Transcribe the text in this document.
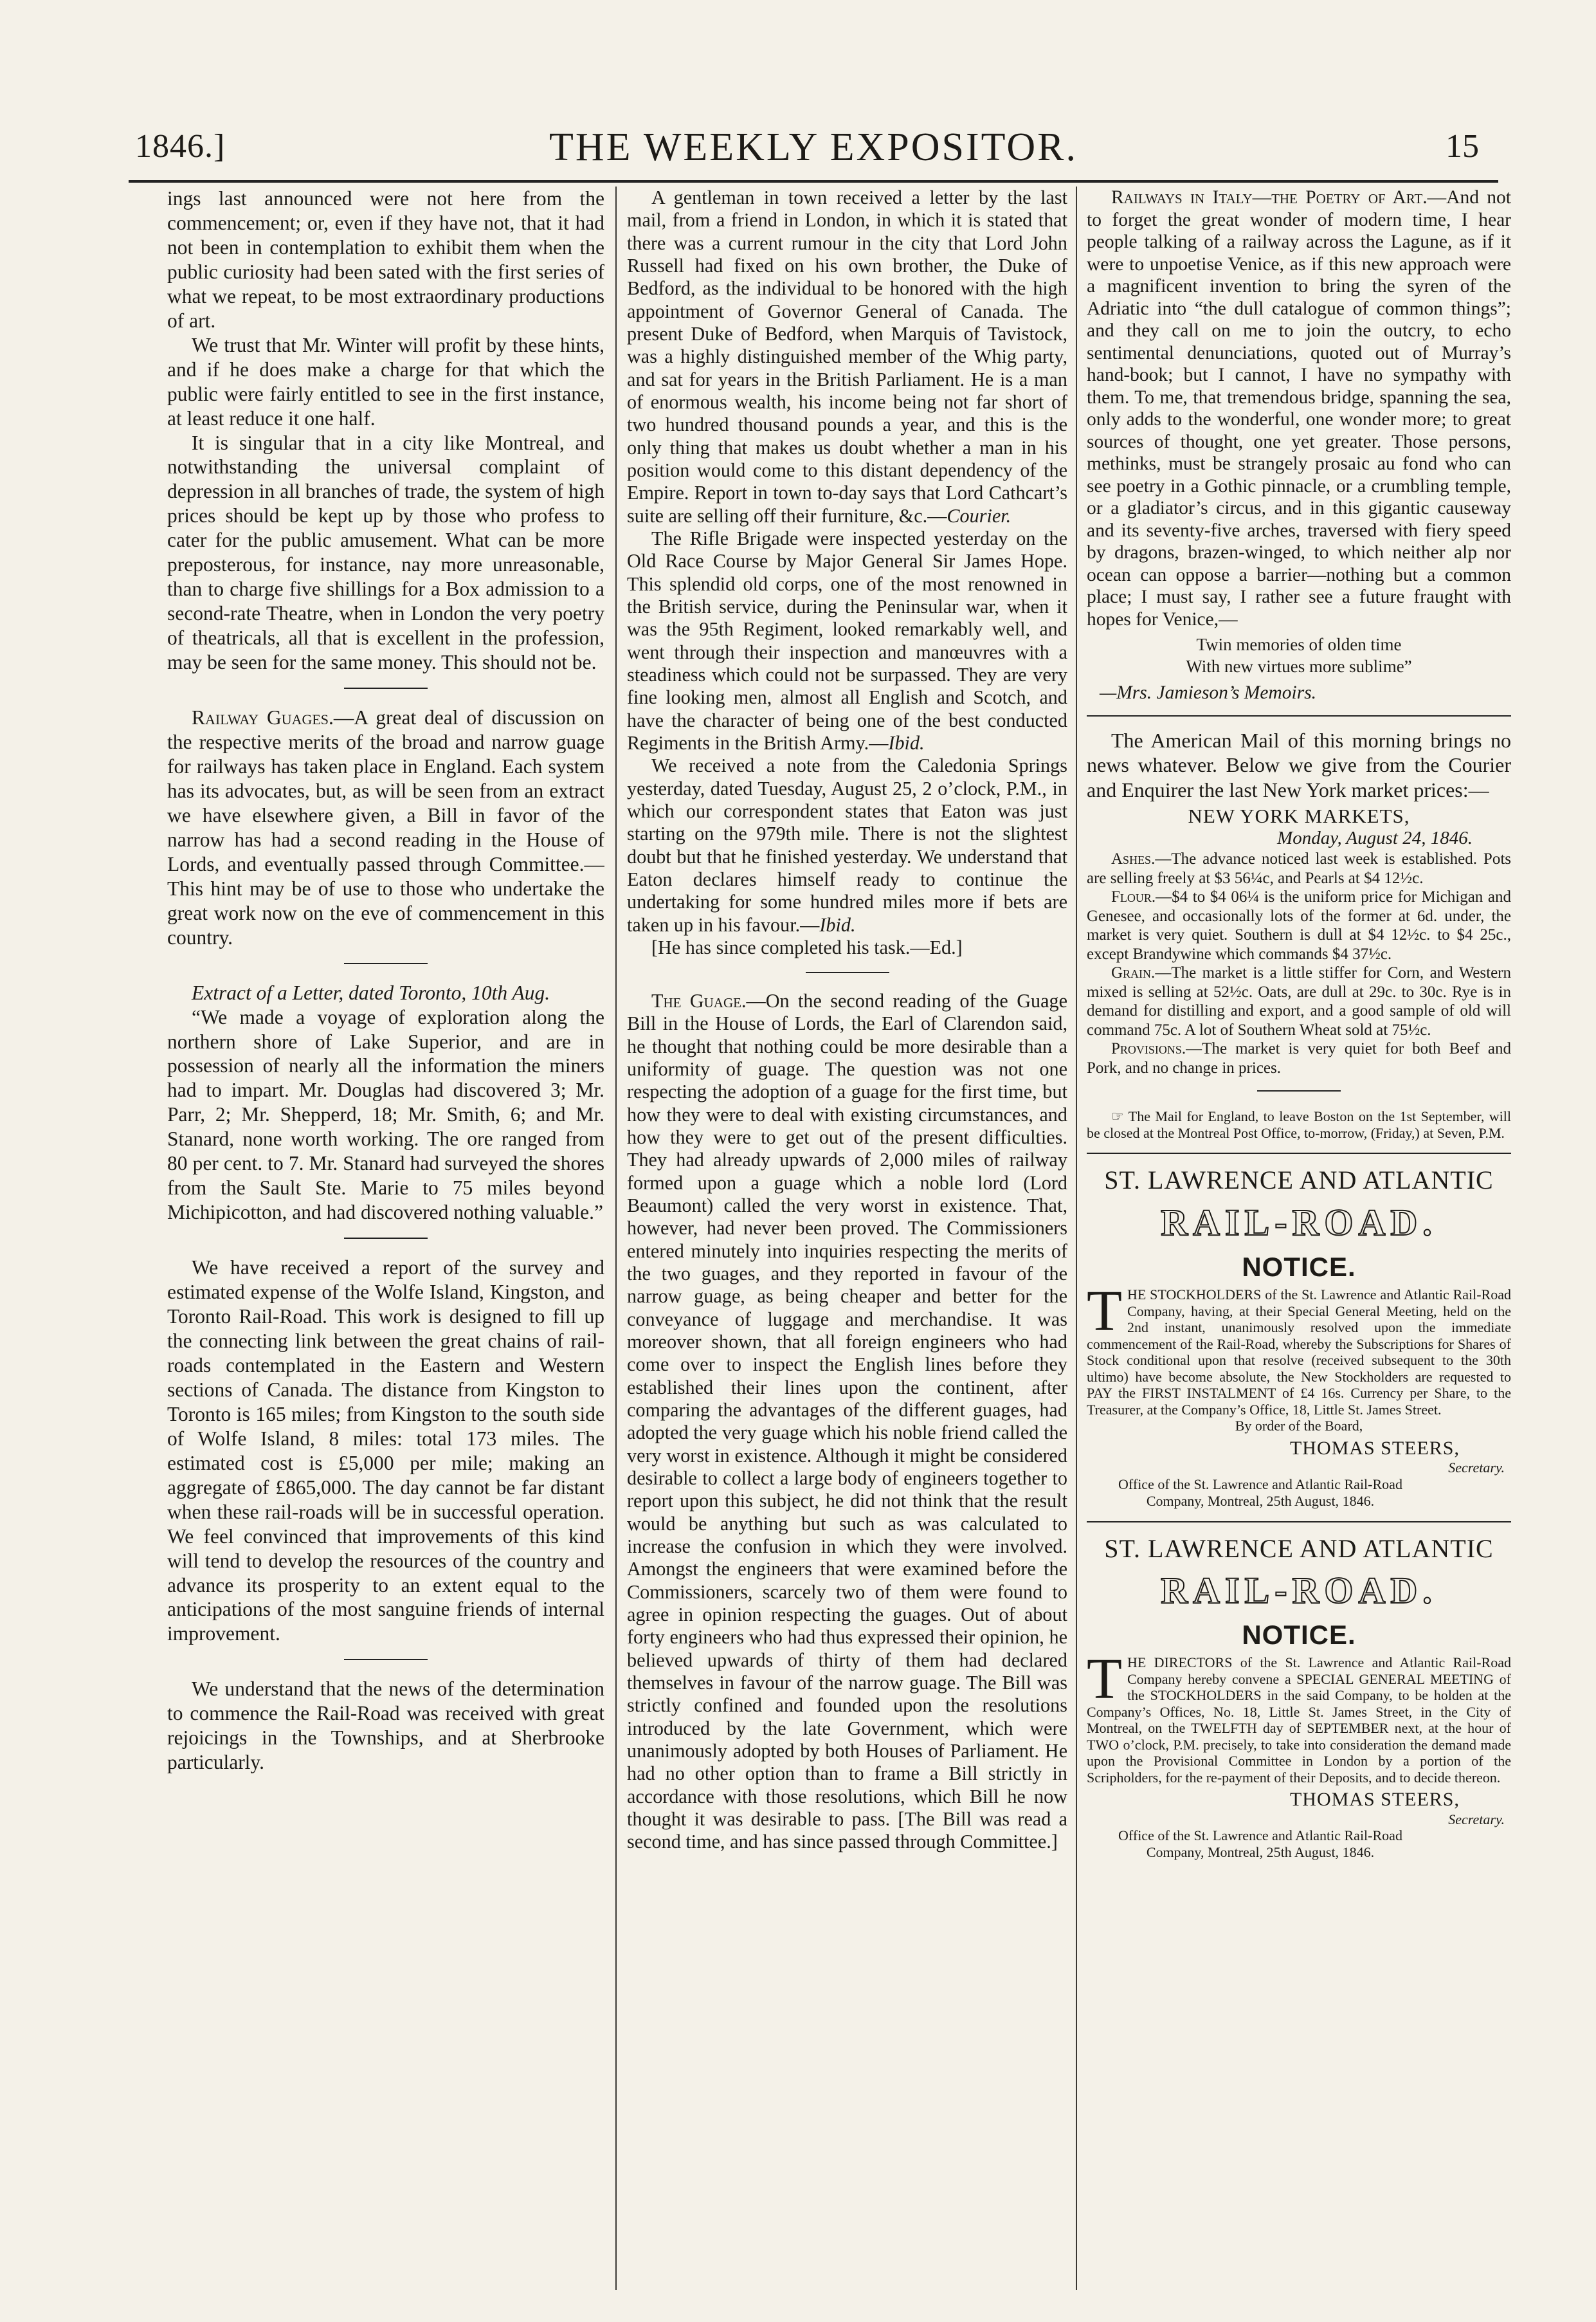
1846.]	THE WEEKLY EXPOSITOR.	15

ings last announced were not here from the commencement; or, even if they have not, that it had not been in contemplation to exhibit them when the public curiosity had been sated with the first series of what we repeat, to be most extraordinary productions of art.

We trust that Mr. Winter will profit by these hints, and if he does make a charge for that which the public were fairly entitled to see in the first instance, at least reduce it one half.

It is singular that in a city like Montreal, and notwithstanding the universal complaint of depression in all branches of trade, the system of high prices should be kept up by those who profess to cater for the public amusement. What can be more preposterous, for instance, nay more unreasonable, than to charge five shillings for a Box admission to a second-rate Theatre, when in London the very poetry of theatricals, all that is excellent in the profession, may be seen for the same money. This should not be.

Railway Guages.—A great deal of discussion on the respective merits of the broad and narrow guage for railways has taken place in England. Each system has its advocates, but, as will be seen from an extract we have elsewhere given, a Bill in favor of the narrow has had a second reading in the House of Lords, and eventually passed through Committee.—This hint may be of use to those who undertake the great work now on the eve of commencement in this country.

Extract of a Letter, dated Toronto, 10th Aug.

“We made a voyage of exploration along the northern shore of Lake Superior, and are in possession of nearly all the information the miners had to impart. Mr. Douglas had discovered 3; Mr. Parr, 2; Mr. Shepperd, 18; Mr. Smith, 6; and Mr. Stanard, none worth working. The ore ranged from 80 per cent. to 7. Mr. Stanard had surveyed the shores from the Sault Ste. Marie to 75 miles beyond Michipicotton, and had discovered nothing valuable.”

We have received a report of the survey and estimated expense of the Wolfe Island, Kingston, and Toronto Rail-Road. This work is designed to fill up the connecting link between the great chains of rail-roads contemplated in the Eastern and Western sections of Canada. The distance from Kingston to Toronto is 165 miles; from Kingston to the south side of Wolfe Island, 8 miles: total 173 miles. The estimated cost is £5,000 per mile; making an aggregate of £865,000. The day cannot be far distant when these rail-roads will be in successful operation. We feel convinced that improvements of this kind will tend to develop the resources of the country and advance its prosperity to an extent equal to the anticipations of the most sanguine friends of internal improvement.

We understand that the news of the determination to commence the Rail-Road was received with great rejoicings in the Townships, and at Sherbrooke particularly.

A gentleman in town received a letter by the last mail, from a friend in London, in which it is stated that there was a current rumour in the city that Lord John Russell had fixed on his own brother, the Duke of Bedford, as the individual to be honored with the high appointment of Governor General of Canada. The present Duke of Bedford, when Marquis of Tavistock, was a highly distinguished member of the Whig party, and sat for years in the British Parliament. He is a man of enormous wealth, his income being not far short of two hundred thousand pounds a year, and this is the only thing that makes us doubt whether a man in his position would come to this distant dependency of the Empire. Report in town to-day says that Lord Cathcart’s suite are selling off their furniture, &c.—Courier.

The Rifle Brigade were inspected yesterday on the Old Race Course by Major General Sir James Hope. This splendid old corps, one of the most renowned in the British service, during the Peninsular war, when it was the 95th Regiment, looked remarkably well, and went through their inspection and manœuvres with a steadiness which could not be surpassed. They are very fine looking men, almost all English and Scotch, and have the character of being one of the best conducted Regiments in the British Army.—Ibid.

We received a note from the Caledonia Springs yesterday, dated Tuesday, August 25, 2 o’clock, P.M., in which our correspondent states that Eaton was just starting on the 979th mile. There is not the slightest doubt but that he finished yesterday. We understand that Eaton declares himself ready to continue the undertaking for some hundred miles more if bets are taken up in his favour.—Ibid.

[He has since completed his task.—Ed.]

The Guage.—On the second reading of the Guage Bill in the House of Lords, the Earl of Clarendon said, he thought that nothing could be more desirable than a uniformity of guage. The question was not one respecting the adoption of a guage for the first time, but how they were to deal with existing circumstances, and how they were to get out of the present difficulties. They had already upwards of 2,000 miles of railway formed upon a guage which a noble lord (Lord Beaumont) called the very worst in existence. That, however, had never been proved. The Commissioners entered minutely into inquiries respecting the merits of the two guages, and they reported in favour of the narrow guage, as being cheaper and better for the conveyance of luggage and merchandise. It was moreover shown, that all foreign engineers who had come over to inspect the English lines before they established their lines upon the continent, after comparing the advantages of the different guages, had adopted the very guage which his noble friend called the very worst in existence. Although it might be considered desirable to collect a large body of engineers together to report upon this subject, he did not think that the result would be anything but such as was calculated to increase the confusion in which they were involved. Amongst the engineers that were examined before the Commissioners, scarcely two of them were found to agree in opinion respecting the guages. Out of about forty engineers who had thus expressed their opinion, he believed upwards of thirty of them had declared themselves in favour of the narrow guage. The Bill was strictly confined and founded upon the resolutions introduced by the late Government, which were unanimously adopted by both Houses of Parliament. He had no other option than to frame a Bill strictly in accordance with those resolutions, which Bill he now thought it was desirable to pass. [The Bill was read a second time, and has since passed through Committee.]

Railways in Italy—the Poetry of Art.—And not to forget the great wonder of modern time, I hear people talking of a railway across the Lagune, as if it were to unpoetise Venice, as if this new approach were a magnificent invention to bring the syren of the Adriatic into “the dull catalogue of common things”; and they call on me to join the outcry, to echo sentimental denunciations, quoted out of Murray’s hand-book; but I cannot, I have no sympathy with them. To me, that tremendous bridge, spanning the sea, only adds to the wonderful, one wonder more; to great sources of thought, one yet greater. Those persons, methinks, must be strangely prosaic au fond who can see poetry in a Gothic pinnacle, or a crumbling temple, or a gladiator’s circus, and in this gigantic causeway and its seventy-five arches, traversed with fiery speed by dragons, brazen-winged, to which neither alp nor ocean can oppose a barrier—nothing but a common place; I must say, I rather see a future fraught with hopes for Venice,—

Twin memories of olden time
With new virtues more sublime”

—Mrs. Jamieson’s Memoirs.

The American Mail of this morning brings no news whatever. Below we give from the Courier and Enquirer the last New York market prices:—

NEW YORK MARKETS,
Monday, August 24, 1846.

Ashes.—The advance noticed last week is established. Pots are selling freely at $3 56¼c, and Pearls at $4 12½c.

Flour.—$4 to $4 06¼ is the uniform price for Michigan and Genesee, and occasionally lots of the former at 6d. under, the market is very quiet. Southern is dull at $4 12½c. to $4 25c., except Brandywine which commands $4 37½c.

Grain.—The market is a little stiffer for Corn, and Western mixed is selling at 52½c. Oats, are dull at 29c. to 30c. Rye is in demand for distilling and export, and a good sample of old will command 75c. A lot of Southern Wheat sold at 75½c.

Provisions.—The market is very quiet for both Beef and Pork, and no change in prices.

☞ The Mail for England, to leave Boston on the 1st September, will be closed at the Montreal Post Office, to-morrow, (Friday,) at Seven, P.M.

ST. LAWRENCE AND ATLANTIC
RAIL-ROAD.
NOTICE.

THE STOCKHOLDERS of the St. Lawrence and Atlantic Rail-Road Company, having, at their Special General Meeting, held on the 2nd instant, unanimously resolved upon the immediate commencement of the Rail-Road, whereby the Subscriptions for Shares of Stock conditional upon that resolve (received subsequent to the 30th ultimo) have become absolute, the New Stockholders are requested to PAY the FIRST INSTALMENT of £4 16s. Currency per Share, to the Treasurer, at the Company’s Office, 18, Little St. James Street.

By order of the Board,
THOMAS STEERS,
Secretary.
Office of the St. Lawrence and Atlantic Rail-Road Company, Montreal, 25th August, 1846.
ST. LAWRENCE AND ATLANTIC
RAIL-ROAD.
NOTICE.

THE DIRECTORS of the St. Lawrence and Atlantic Rail-Road Company hereby convene a SPECIAL GENERAL MEETING of the STOCKHOLDERS in the said Company, to be holden at the Company’s Offices, No. 18, Little St. James Street, in the City of Montreal, on the TWELFTH day of SEPTEMBER next, at the hour of TWO o’clock, P.M. precisely, to take into consideration the demand made upon the Provisional Committee in London by a portion of the Scripholders, for the re-payment of their Deposits, and to decide thereon.

THOMAS STEERS,
Secretary.
Office of the St. Lawrence and Atlantic Rail-Road Company, Montreal, 25th August, 1846.
